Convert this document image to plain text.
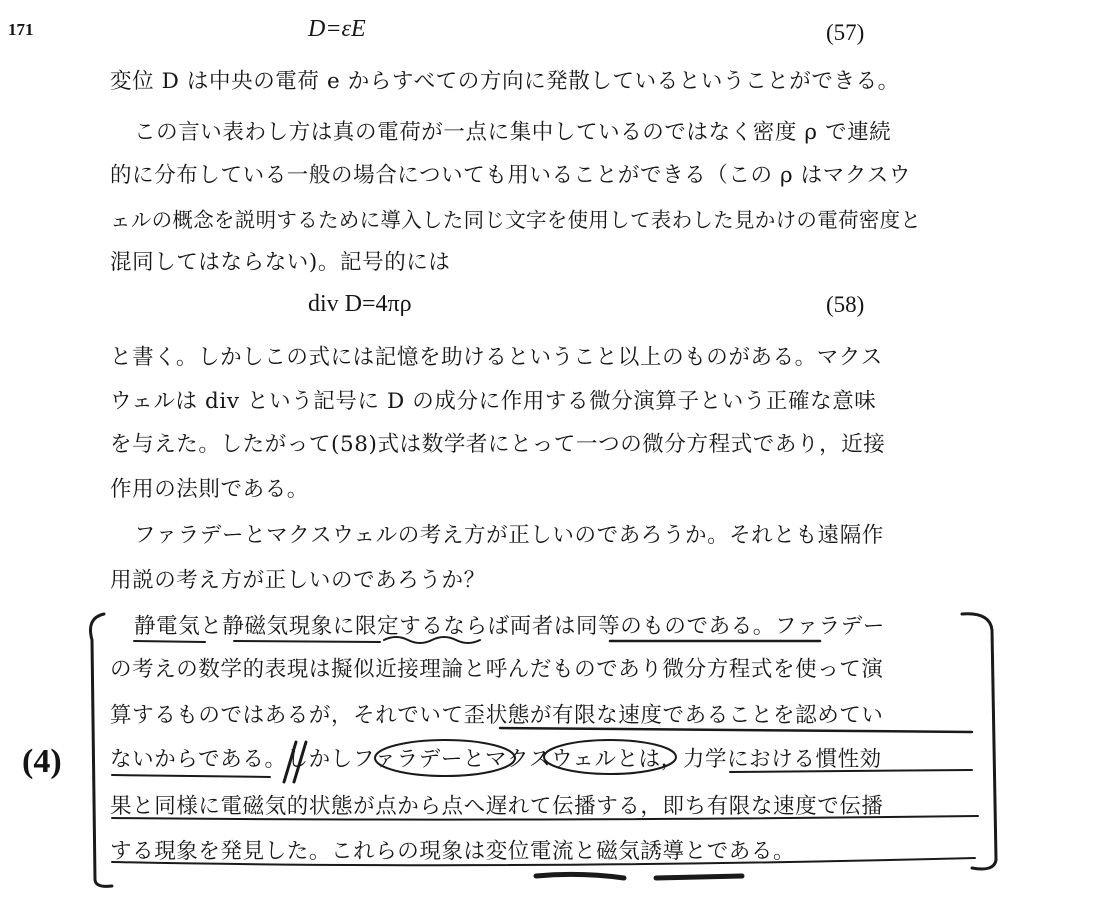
171	D=εE	(57)
変位 D は中央の電荷 e からすべての方向に発散しているということができる。
この言い表わし方は真の電荷が一点に集中しているのではなく密度 ρ で連続
的に分布している一般の場合についても用いることができる（この ρ はマクスウ
ェルの概念を説明するために導入した同じ文字を使用して表わした見かけの電荷密度と
混同してはならない)。記号的には
div D=4πρ	(58)
と書く。しかしこの式には記憶を助けるということ以上のものがある。マクス
ウェルは div という記号に D の成分に作用する微分演算子という正確な意味
を与えた。したがって(58)式は数学者にとって一つの微分方程式であり，近接
作用の法則である。
ファラデーとマクスウェルの考え方が正しいのであろうか。それとも遠隔作
用説の考え方が正しいのであろうか？
静電気と静磁気現象に限定するならば両者は同等のものである。ファラデー
の考えの数学的表現は擬似近接理論と呼んだものであり微分方程式を使って演
算するものではあるが，それでいて歪状態が有限な速度であることを認めてい
ないからである。しかしファラデーとマクスウェルとは，力学における慣性効
果と同様に電磁気的状態が点から点へ遅れて伝播する，即ち有限な速度で伝播
する現象を発見した。これらの現象は変位電流と磁気誘導とである。
(4)
